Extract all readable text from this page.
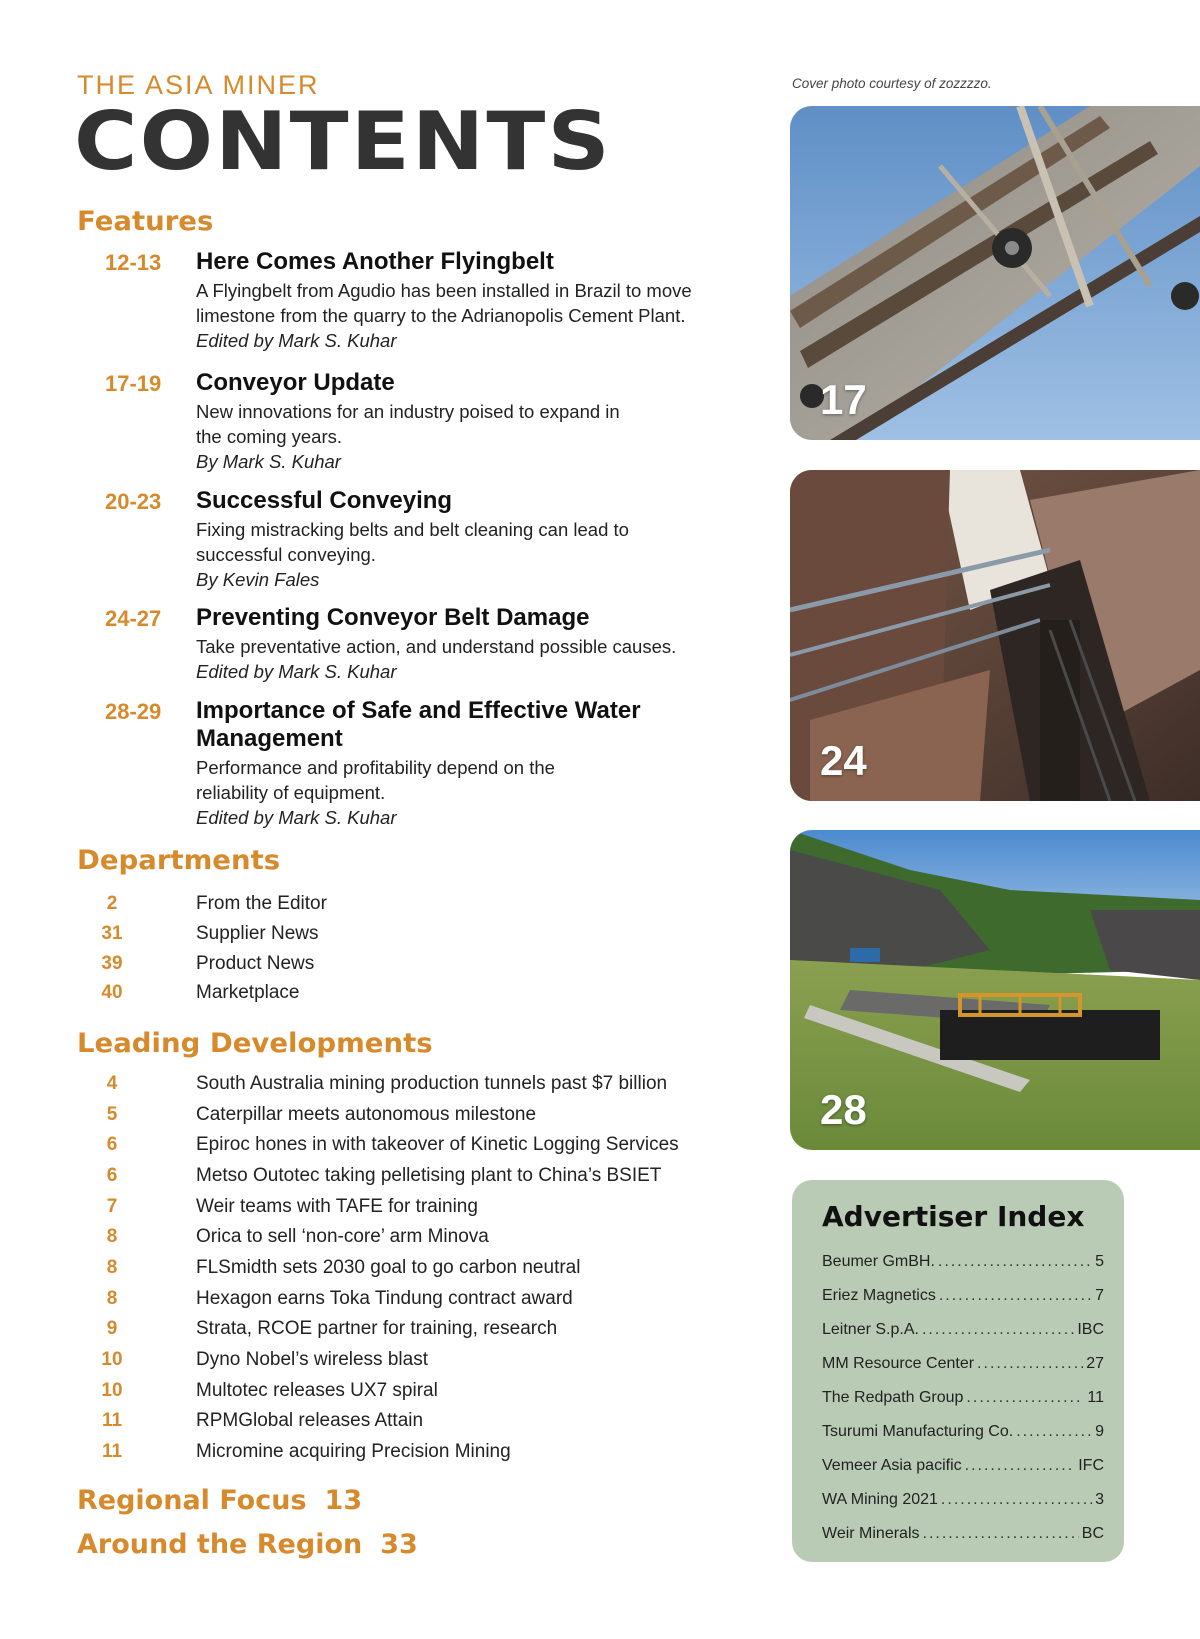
THE ASIA MINER
CONTENTS
Cover photo courtesy of zozzzzo.
Features
12-13	Here Comes Another Flyingbelt
A Flyingbelt from Agudio has been installed in Brazil to move limestone from the quarry to the Adrianopolis Cement Plant.
Edited by Mark S. Kuhar
17-19	Conveyor Update
New innovations for an industry poised to expand in the coming years.
By Mark S. Kuhar
20-23	Successful Conveying
Fixing mistracking belts and belt cleaning can lead to successful conveying.
By Kevin Fales
24-27	Preventing Conveyor Belt Damage
Take preventative action, and understand possible causes.
Edited by Mark S. Kuhar
28-29	Importance of Safe and Effective Water Management
Performance and profitability depend on the reliability of equipment.
Edited by Mark S. Kuhar
Departments
2	From the Editor
31	Supplier News
39	Product News
40	Marketplace
Leading Developments
4	South Australia mining production tunnels past $7 billion
5	Caterpillar meets autonomous milestone
6	Epiroc hones in with takeover of Kinetic Logging Services
6	Metso Outotec taking pelletising plant to China’s BSIET
7	Weir teams with TAFE for training
8	Orica to sell ‘non-core’ arm Minova
8	FLSmidth sets 2030 goal to go carbon neutral
8	Hexagon earns Toka Tindung contract award
9	Strata, RCOE partner for training, research
10	Dyno Nobel’s wireless blast
10	Multotec releases UX7 spiral
11	RPMGlobal releases Attain
11	Micromine acquiring Precision Mining
Regional Focus 13
Around the Region 33
17
24
28
Advertiser Index
Beumer GmBH. .....	5
Eriez Magnetics .....	7
Leitner S.p.A. .....	IBC
MM Resource Center .....	27
The Redpath Group .....	11
Tsurumi Manufacturing Co. .....	9
Vemeer Asia pacific .....	IFC
WA Mining 2021 .....	3
Weir Minerals .....	BC
